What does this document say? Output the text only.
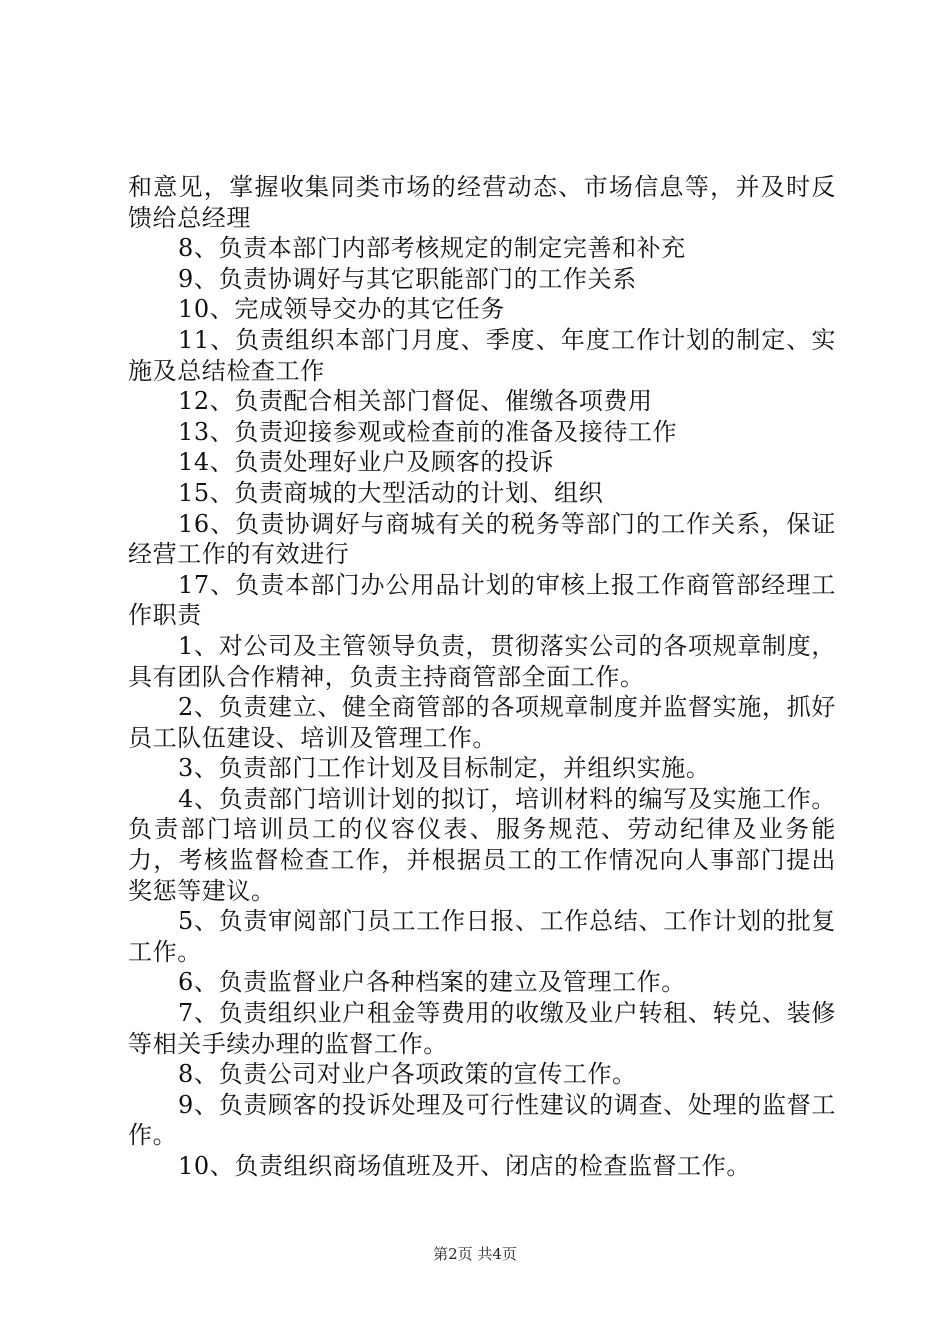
和意见，掌握收集同类市场的经营动态、市场信息等，并及时反馈给总经理

8、负责本部门内部考核规定的制定完善和补充

9、负责协调好与其它职能部门的工作关系

10、完成领导交办的其它任务

11、负责组织本部门月度、季度、年度工作计划的制定、实施及总结检查工作

12、负责配合相关部门督促、催缴各项费用

13、负责迎接参观或检查前的准备及接待工作

14、负责处理好业户及顾客的投诉

15、负责商城的大型活动的计划、组织

16、负责协调好与商城有关的税务等部门的工作关系，保证经营工作的有效进行

17、负责本部门办公用品计划的审核上报工作商管部经理工作职责

1、对公司及主管领导负责，贯彻落实公司的各项规章制度，具有团队合作精神，负责主持商管部全面工作。

2、负责建立、健全商管部的各项规章制度并监督实施，抓好员工队伍建设、培训及管理工作。

3、负责部门工作计划及目标制定，并组织实施。

4、负责部门培训计划的拟订，培训材料的编写及实施工作。负责部门培训员工的仪容仪表、服务规范、劳动纪律及业务能力，考核监督检查工作，并根据员工的工作情况向人事部门提出奖惩等建议。

5、负责审阅部门员工工作日报、工作总结、工作计划的批复工作。

6、负责监督业户各种档案的建立及管理工作。

7、负责组织业户租金等费用的收缴及业户转租、转兑、装修等相关手续办理的监督工作。

8、负责公司对业户各项政策的宣传工作。

9、负责顾客的投诉处理及可行性建议的调查、处理的监督工作。

10、负责组织商场值班及开、闭店的检查监督工作。

第2页 共4页
